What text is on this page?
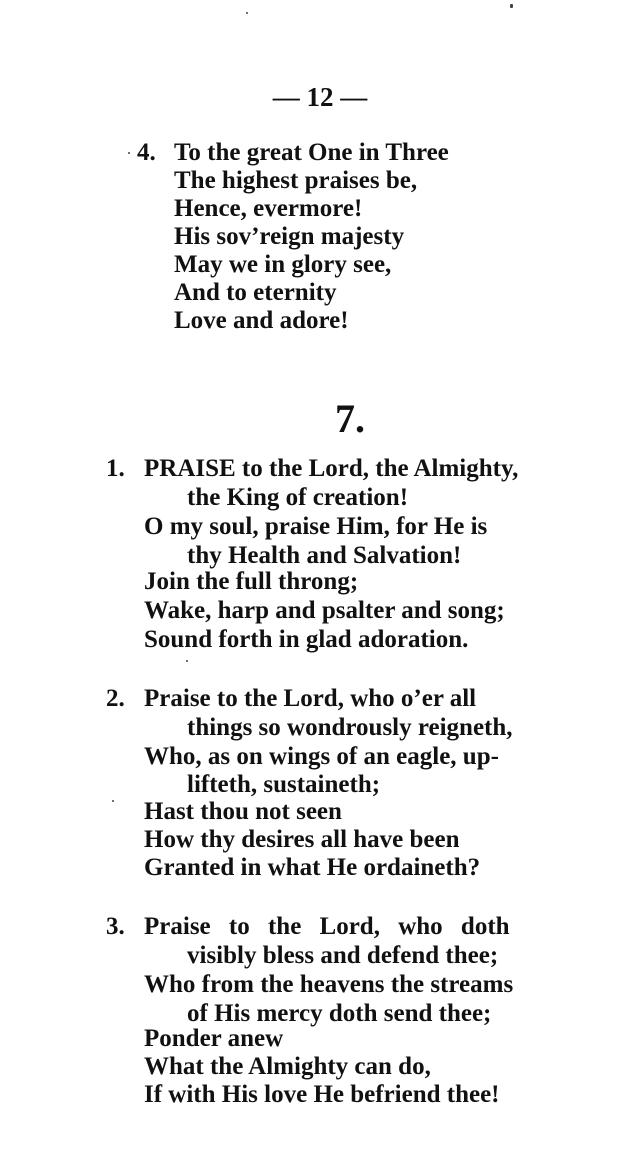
— 12 —
4. To the great One in Three
The highest praises be,
Hence, evermore!
His sov’reign majesty
May we in glory see,
And to eternity
Love and adore!
7.
1. PRAISE to the Lord, the Almighty,
the King of creation!
O my soul, praise Him, for He is
thy Health and Salvation!
Join the full throng;
Wake, harp and psalter and song;
Sound forth in glad adoration.
2. Praise to the Lord, who o’er all
things so wondrously reigneth,
Who, as on wings of an eagle, up-
lifteth, sustaineth;
Hast thou not seen
How thy desires all have been
Granted in what He ordaineth?
3. Praise to the Lord, who doth
visibly bless and defend thee;
Who from the heavens the streams
of His mercy doth send thee;
Ponder anew
What the Almighty can do,
If with His love He befriend thee!
